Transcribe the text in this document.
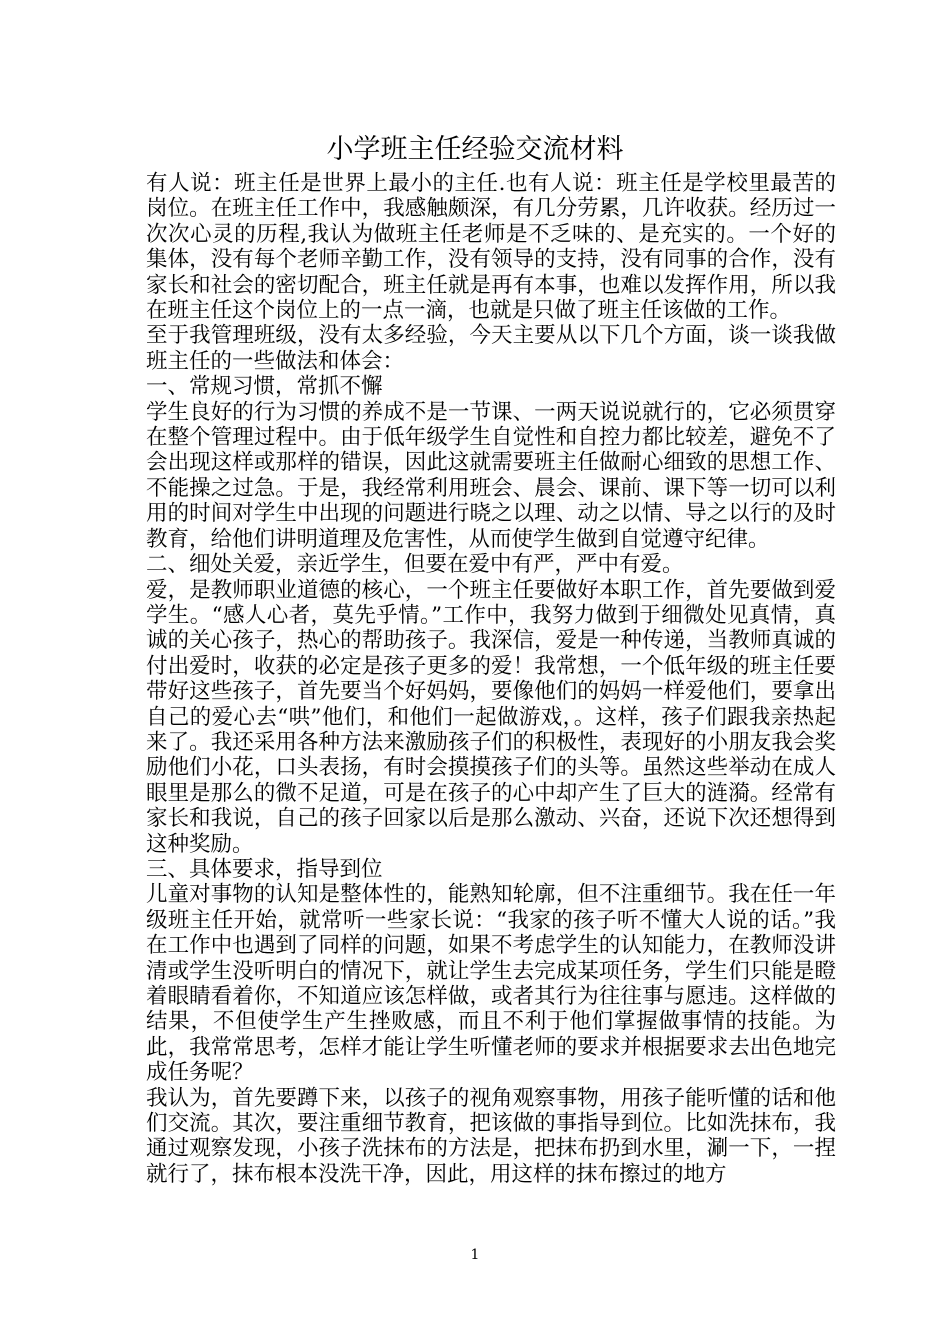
小学班主任经验交流材料

有人说：班主任是世界上最小的主任.也有人说：班主任是学校里最苦的岗位。在班主任工作中，我感触颇深，有几分劳累，几许收获。经历过一次次心灵的历程,我认为做班主任老师是不乏味的、是充实的。一个好的集体，没有每个老师辛勤工作，没有领导的支持，没有同事的合作，没有家长和社会的密切配合，班主任就是再有本事，也难以发挥作用，所以我在班主任这个岗位上的一点一滴，也就是只做了班主任该做的工作。

至于我管理班级，没有太多经验，今天主要从以下几个方面，谈一谈我做班主任的一些做法和体会：

一、常规习惯，常抓不懈

学生良好的行为习惯的养成不是一节课、一两天说说就行的，它必须贯穿在整个管理过程中。由于低年级学生自觉性和自控力都比较差，避免不了会出现这样或那样的错误，因此这就需要班主任做耐心细致的思想工作、不能操之过急。于是，我经常利用班会、晨会、课前、课下等一切可以利用的时间对学生中出现的问题进行晓之以理、动之以情、导之以行的及时教育，给他们讲明道理及危害性，从而使学生做到自觉遵守纪律。

二、细处关爱，亲近学生，但要在爱中有严，严中有爱。

爱，是教师职业道德的核心，一个班主任要做好本职工作，首先要做到爱学生。“感人心者，莫先乎情。”工作中，我努力做到于细微处见真情，真诚的关心孩子，热心的帮助孩子。我深信，爱是一种传递，当教师真诚的付出爱时，收获的必定是孩子更多的爱！我常想，一个低年级的班主任要带好这些孩子，首先要当个好妈妈，要像他们的妈妈一样爱他们，要拿出自己的爱心去“哄”他们，和他们一起做游戏，。这样，孩子们跟我亲热起来了。我还采用各种方法来激励孩子们的积极性，表现好的小朋友我会奖励他们小花，口头表扬，有时会摸摸孩子们的头等。虽然这些举动在成人眼里是那么的微不足道，可是在孩子的心中却产生了巨大的涟漪。经常有家长和我说，自己的孩子回家以后是那么激动、兴奋，还说下次还想得到这种奖励。

三、具体要求，指导到位

儿童对事物的认知是整体性的，能熟知轮廓，但不注重细节。我在任一年级班主任开始，就常听一些家长说：“我家的孩子听不懂大人说的话。”我在工作中也遇到了同样的问题，如果不考虑学生的认知能力，在教师没讲清或学生没听明白的情况下，就让学生去完成某项任务，学生们只能是瞪着眼睛看着你，不知道应该怎样做，或者其行为往往事与愿违。这样做的结果，不但使学生产生挫败感，而且不利于他们掌握做事情的技能。为此，我常常思考，怎样才能让学生听懂老师的要求并根据要求去出色地完成任务呢？

我认为，首先要蹲下来，以孩子的视角观察事物，用孩子能听懂的话和他们交流。其次，要注重细节教育，把该做的事指导到位。比如洗抹布，我通过观察发现，小孩子洗抹布的方法是，把抹布扔到水里，涮一下，一捏就行了，抹布根本没洗干净，因此，用这样的抹布擦过的地方

1
